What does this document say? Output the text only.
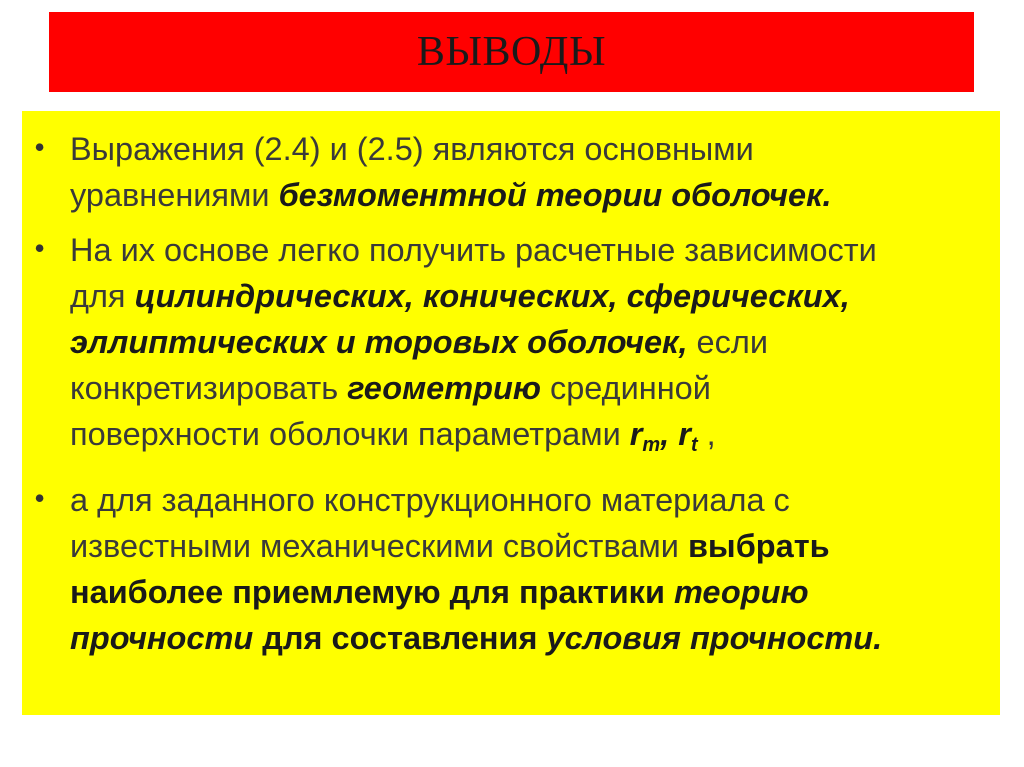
ВЫВОДЫ
• Выражения (2.4) и (2.5) являются основными
уравнениями безмоментной теории оболочек.
• На их основе легко получить расчетные зависимости
для цилиндрических, конических, сферических,
эллиптических и торовых оболочек, если
конкретизировать геометрию срединной
поверхности оболочки параметрами $r_m$, $r_t$ ,
• а для заданного конструкционного материала с
известными механическими свойствами выбрать
наиболее приемлемую для практики теорию
прочности для составления условия прочности.
